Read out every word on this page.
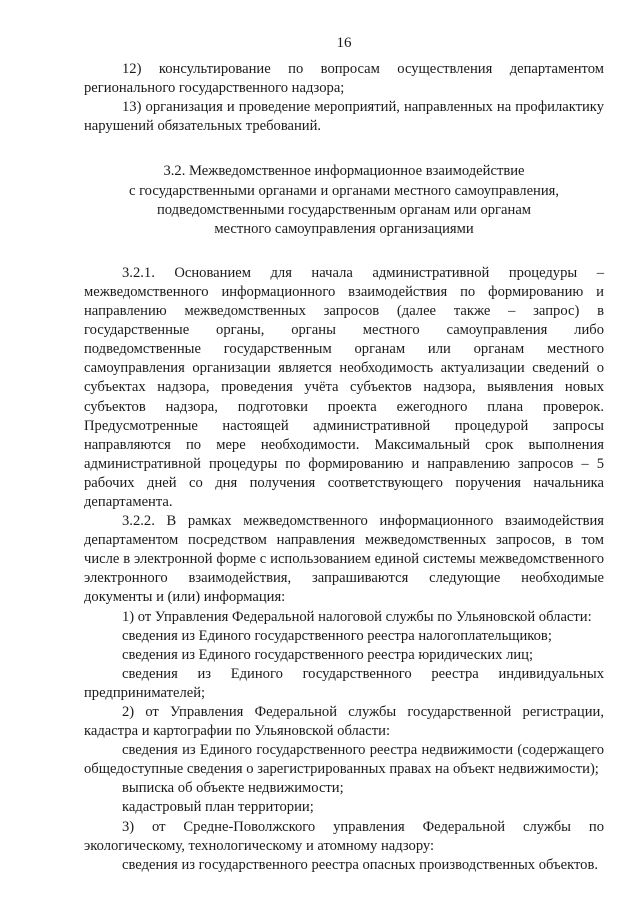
16

12) консультирование по вопросам осуществления департаментом регионального государственного надзора;

13) организация и проведение мероприятий, направленных на профилактику нарушений обязательных требований.

3.2. Межведомственное информационное взаимодействие
с государственными органами и органами местного самоуправления,
подведомственными государственным органам или органам
местного самоуправления организациями

3.2.1. Основанием для начала административной процедуры – межведомственного информационного взаимодействия по формированию и направлению межведомственных запросов (далее также – запрос) в государственные органы, органы местного самоуправления либо подведомственные государственным органам или органам местного самоуправления организации является необходимость актуализации сведений о субъектах надзора, проведения учёта субъектов надзора, выявления новых субъектов надзора, подготовки проекта ежегодного плана проверок. Предусмотренные настоящей административной процедурой запросы направляются по мере необходимости. Максимальный срок выполнения административной процедуры по формированию и направлению запросов – 5 рабочих дней со дня получения соответствующего поручения начальника департамента.

3.2.2. В рамках межведомственного информационного взаимодействия департаментом посредством направления межведомственных запросов, в том числе в электронной форме с использованием единой системы межведомственного электронного взаимодействия, запрашиваются следующие необходимые документы и (или) информация:

1) от Управления Федеральной налоговой службы по Ульяновской области:

сведения из Единого государственного реестра налогоплательщиков;

сведения из Единого государственного реестра юридических лиц;

сведения из Единого государственного реестра индивидуальных предпринимателей;

2) от Управления Федеральной службы государственной регистрации, кадастра и картографии по Ульяновской области:

сведения из Единого государственного реестра недвижимости (содержащего общедоступные сведения о зарегистрированных правах на объект недвижимости);

выписка об объекте недвижимости;

кадастровый план территории;

3) от Средне-Поволжского управления Федеральной службы по экологическому, технологическому и атомному надзору:

сведения из государственного реестра опасных производственных объектов.
